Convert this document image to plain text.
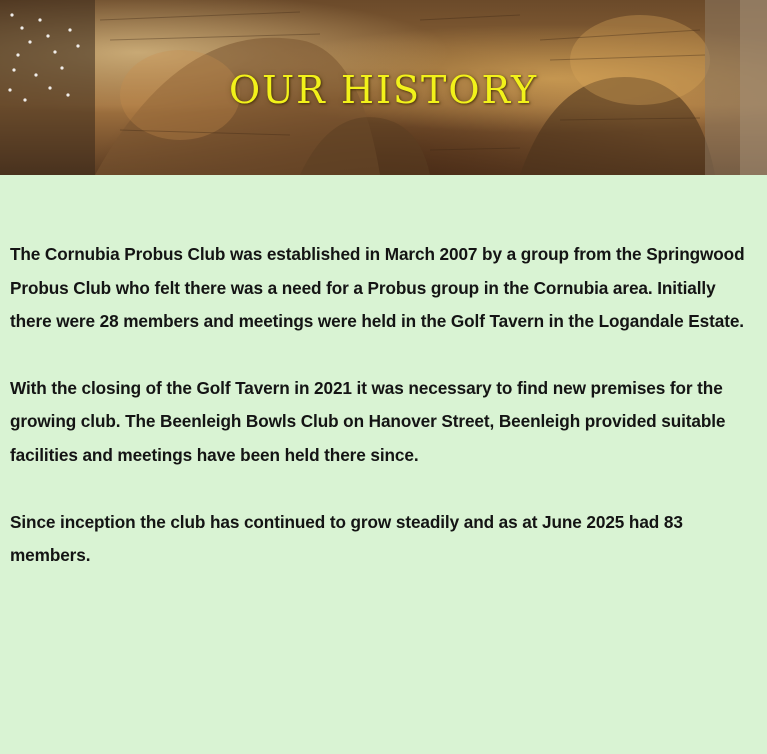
OUR HISTORY

The Cornubia Probus Club was established in March 2007 by a group from the Springwood Probus Club who felt there was a need for a Probus group in the Cornubia area. Initially there were 28 members and meetings were held in the Golf Tavern in the Logandale Estate.

With the closing of the Golf Tavern in 2021 it was necessary to find new premises for the growing club. The Beenleigh Bowls Club on Hanover Street, Beenleigh provided suitable facilities and meetings have been held there since.

Since inception the club has continued to grow steadily and as at June 2025 had 83 members.
